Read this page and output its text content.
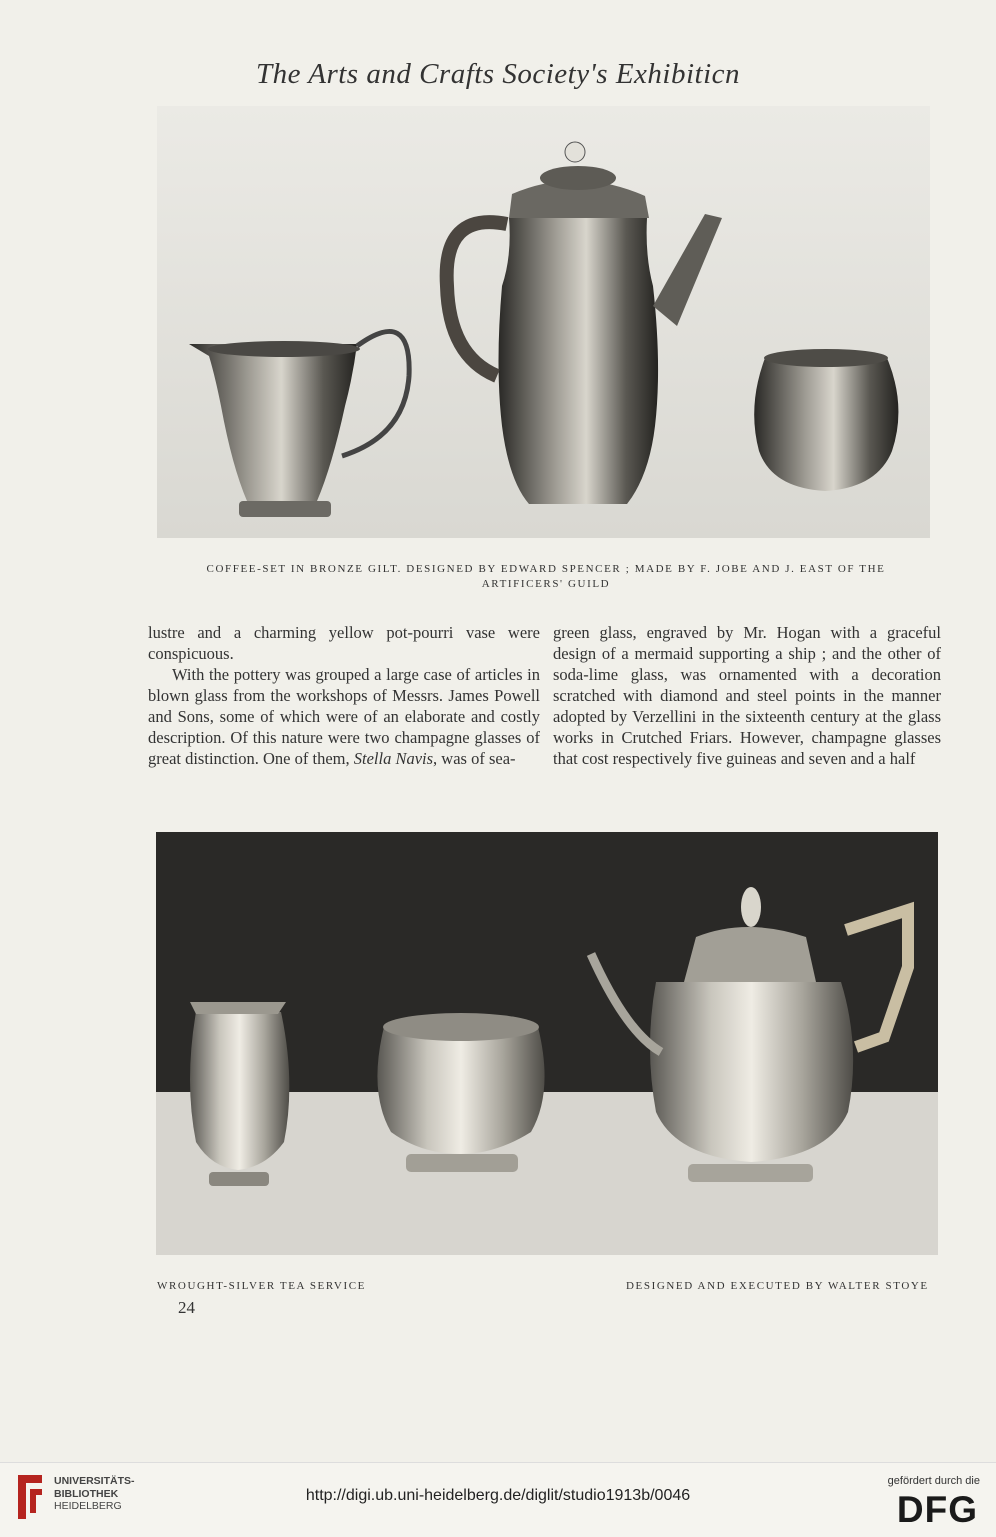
The Arts and Crafts Society's Exhibiticn
COFFEE-SET IN BRONZE GILT. DESIGNED BY EDWARD SPENCER ; MADE BY F. JOBE AND J. EAST OF THE
ARTIFICERS' GUILD

lustre and a charming yellow pot-pourri vase were conspicuous.

With the pottery was grouped a large case of articles in blown glass from the workshops of Messrs. James Powell and Sons, some of which were of an elaborate and costly description. Of this nature were two champagne glasses of great distinction. One of them, Stella Navis, was of sea-

green glass, engraved by Mr. Hogan with a graceful design of a mermaid supporting a ship ; and the other of soda-lime glass, was ornamented with a decoration scratched with diamond and steel points in the manner adopted by Verzellini in the sixteenth century at the glass works in Crutched Friars. However, champagne glasses that cost respectively five guineas and seven and a half

WROUGHT-SILVER TEA SERVICE	DESIGNED AND EXECUTED BY WALTER STOYE
24
UNIVERSITÄTS-
BIBLIOTHEK
HEIDELBERG
http://digi.ub.uni-heidelberg.de/diglit/studio1913b/0046
gefördert durch die
DFG
